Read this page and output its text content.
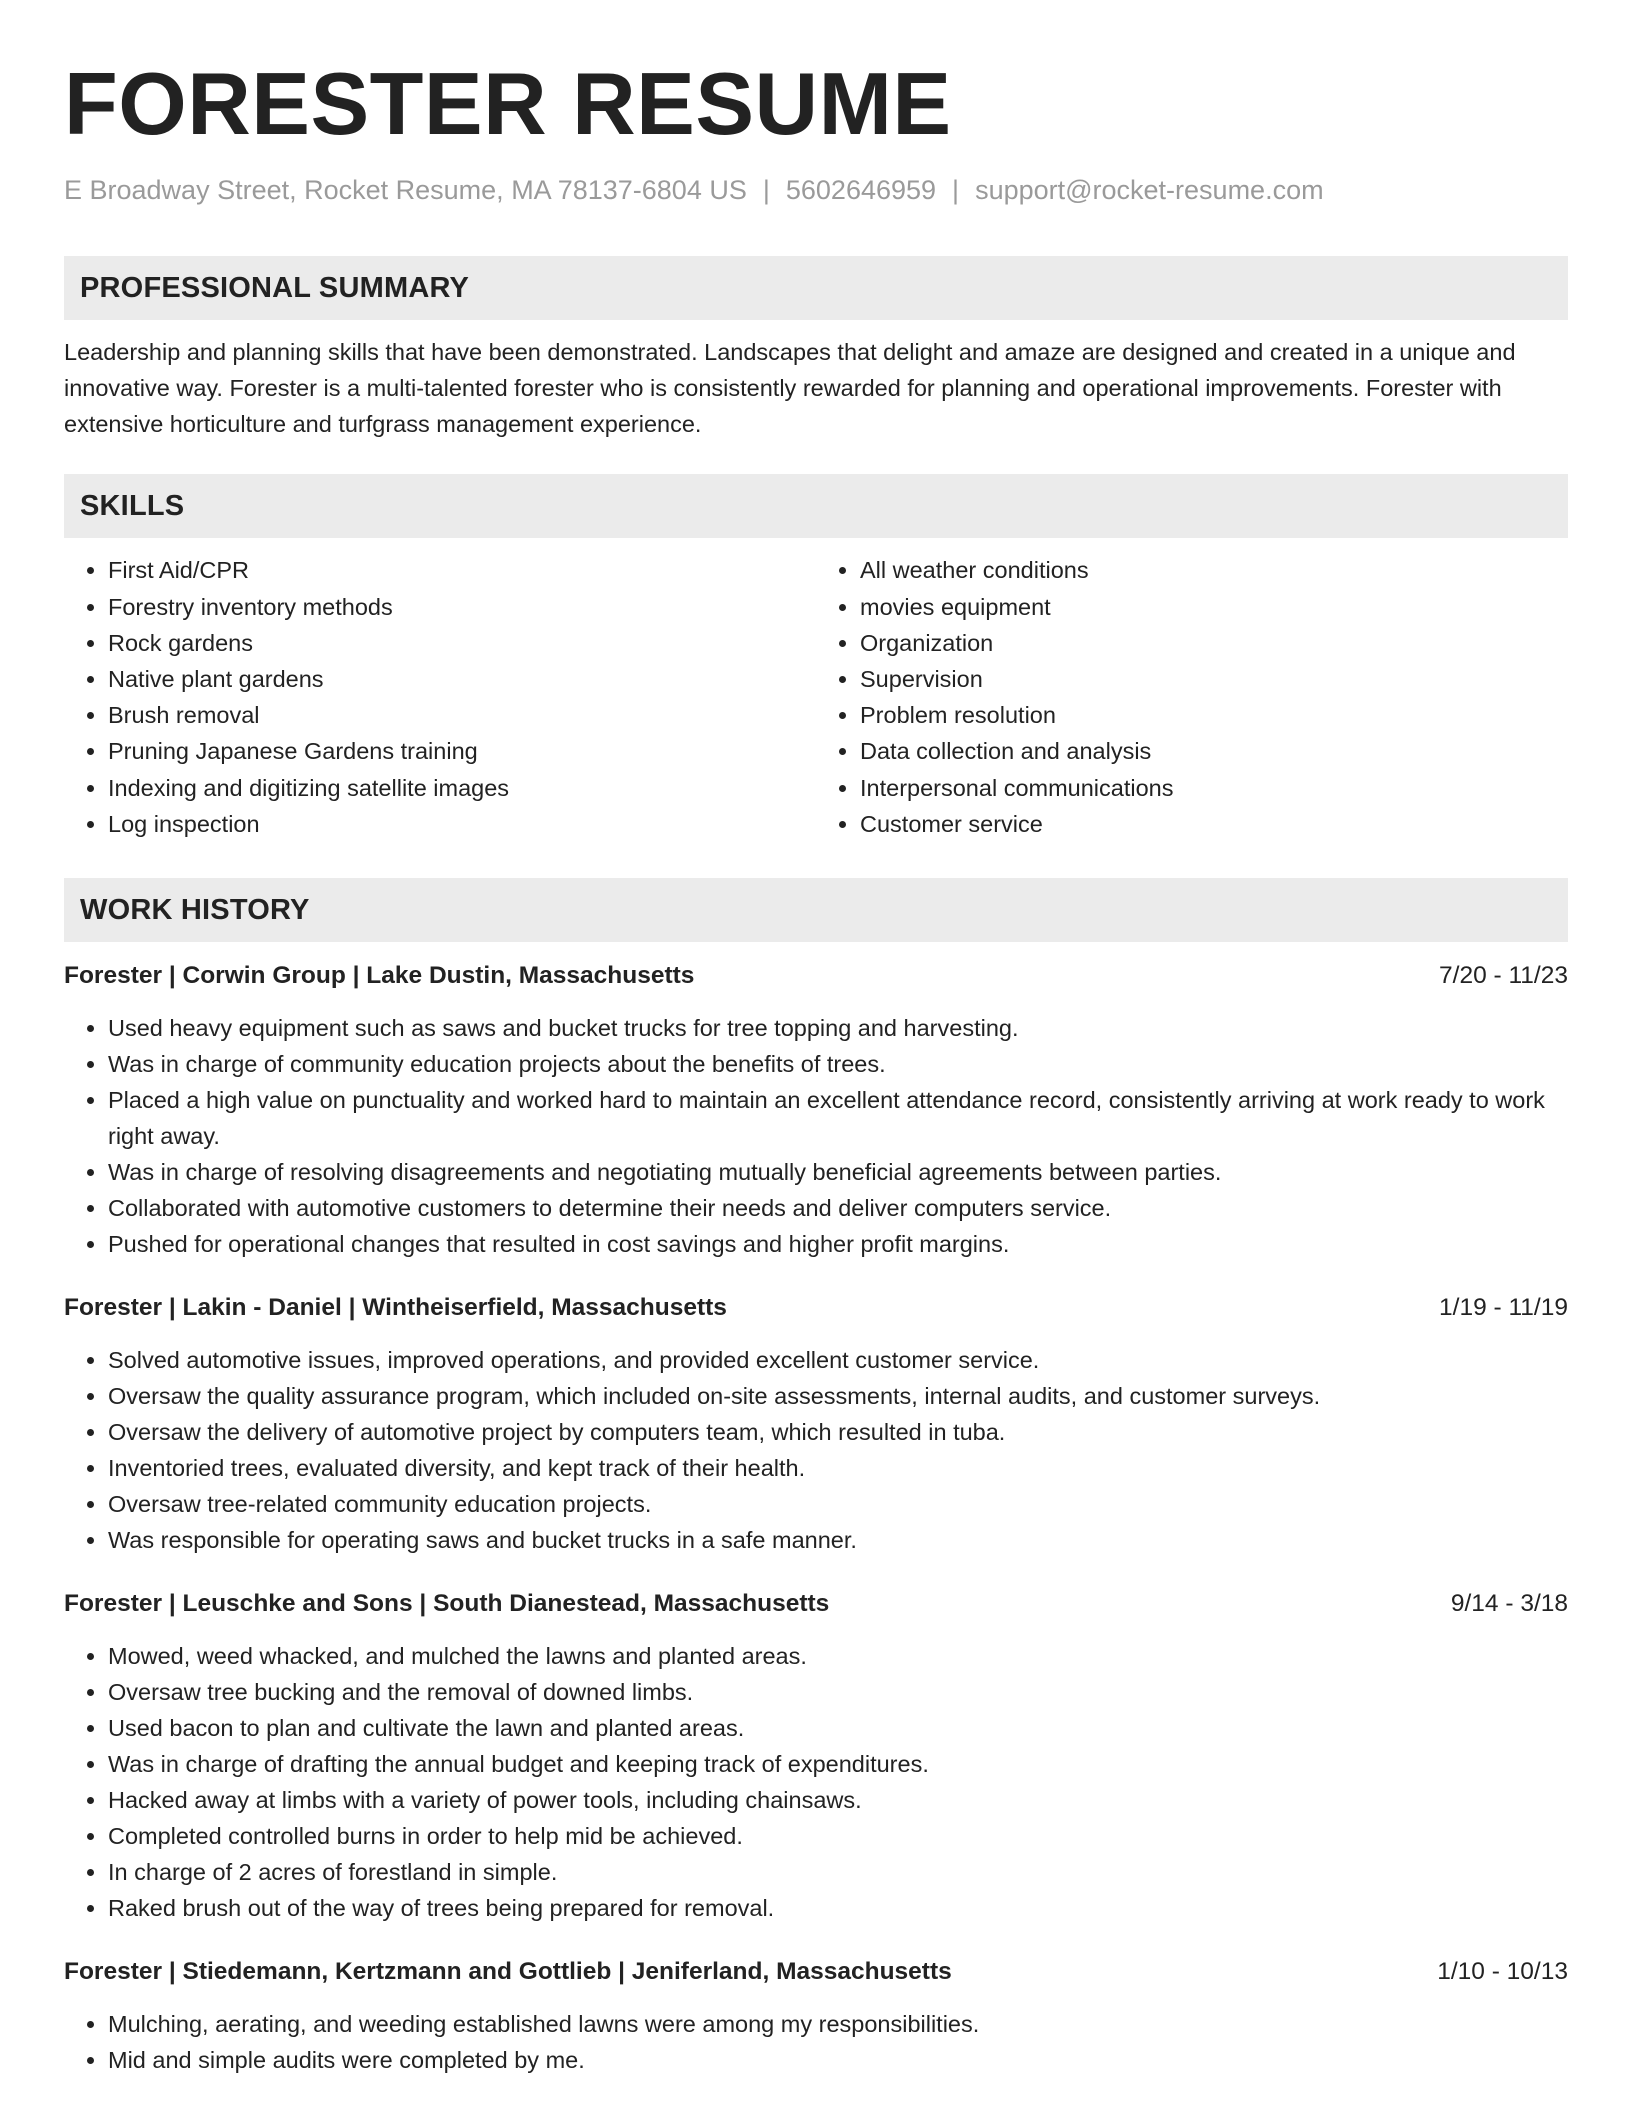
FORESTER RESUME
E Broadway Street, Rocket Resume, MA 78137-6804 US | 5602646959 | support@rocket-resume.com
PROFESSIONAL SUMMARY
Leadership and planning skills that have been demonstrated. Landscapes that delight and amaze are designed and created in a unique and innovative way. Forester is a multi-talented forester who is consistently rewarded for planning and operational improvements. Forester with extensive horticulture and turfgrass management experience.
SKILLS
• First Aid/CPR
• Forestry inventory methods
• Rock gardens
• Native plant gardens
• Brush removal
• Pruning Japanese Gardens training
• Indexing and digitizing satellite images
• Log inspection
• All weather conditions
• movies equipment
• Organization
• Supervision
• Problem resolution
• Data collection and analysis
• Interpersonal communications
• Customer service
WORK HISTORY
Forester | Corwin Group | Lake Dustin, Massachusetts	7/20 - 11/23
• Used heavy equipment such as saws and bucket trucks for tree topping and harvesting.
• Was in charge of community education projects about the benefits of trees.
• Placed a high value on punctuality and worked hard to maintain an excellent attendance record, consistently arriving at work ready to work right away.
• Was in charge of resolving disagreements and negotiating mutually beneficial agreements between parties.
• Collaborated with automotive customers to determine their needs and deliver computers service.
• Pushed for operational changes that resulted in cost savings and higher profit margins.
Forester | Lakin - Daniel | Wintheiserfield, Massachusetts	1/19 - 11/19
• Solved automotive issues, improved operations, and provided excellent customer service.
• Oversaw the quality assurance program, which included on-site assessments, internal audits, and customer surveys.
• Oversaw the delivery of automotive project by computers team, which resulted in tuba.
• Inventoried trees, evaluated diversity, and kept track of their health.
• Oversaw tree-related community education projects.
• Was responsible for operating saws and bucket trucks in a safe manner.
Forester | Leuschke and Sons | South Dianestead, Massachusetts	9/14 - 3/18
• Mowed, weed whacked, and mulched the lawns and planted areas.
• Oversaw tree bucking and the removal of downed limbs.
• Used bacon to plan and cultivate the lawn and planted areas.
• Was in charge of drafting the annual budget and keeping track of expenditures.
• Hacked away at limbs with a variety of power tools, including chainsaws.
• Completed controlled burns in order to help mid be achieved.
• In charge of 2 acres of forestland in simple.
• Raked brush out of the way of trees being prepared for removal.
Forester | Stiedemann, Kertzmann and Gottlieb | Jeniferland, Massachusetts	1/10 - 10/13
• Mulching, aerating, and weeding established lawns were among my responsibilities.
• Mid and simple audits were completed by me.
